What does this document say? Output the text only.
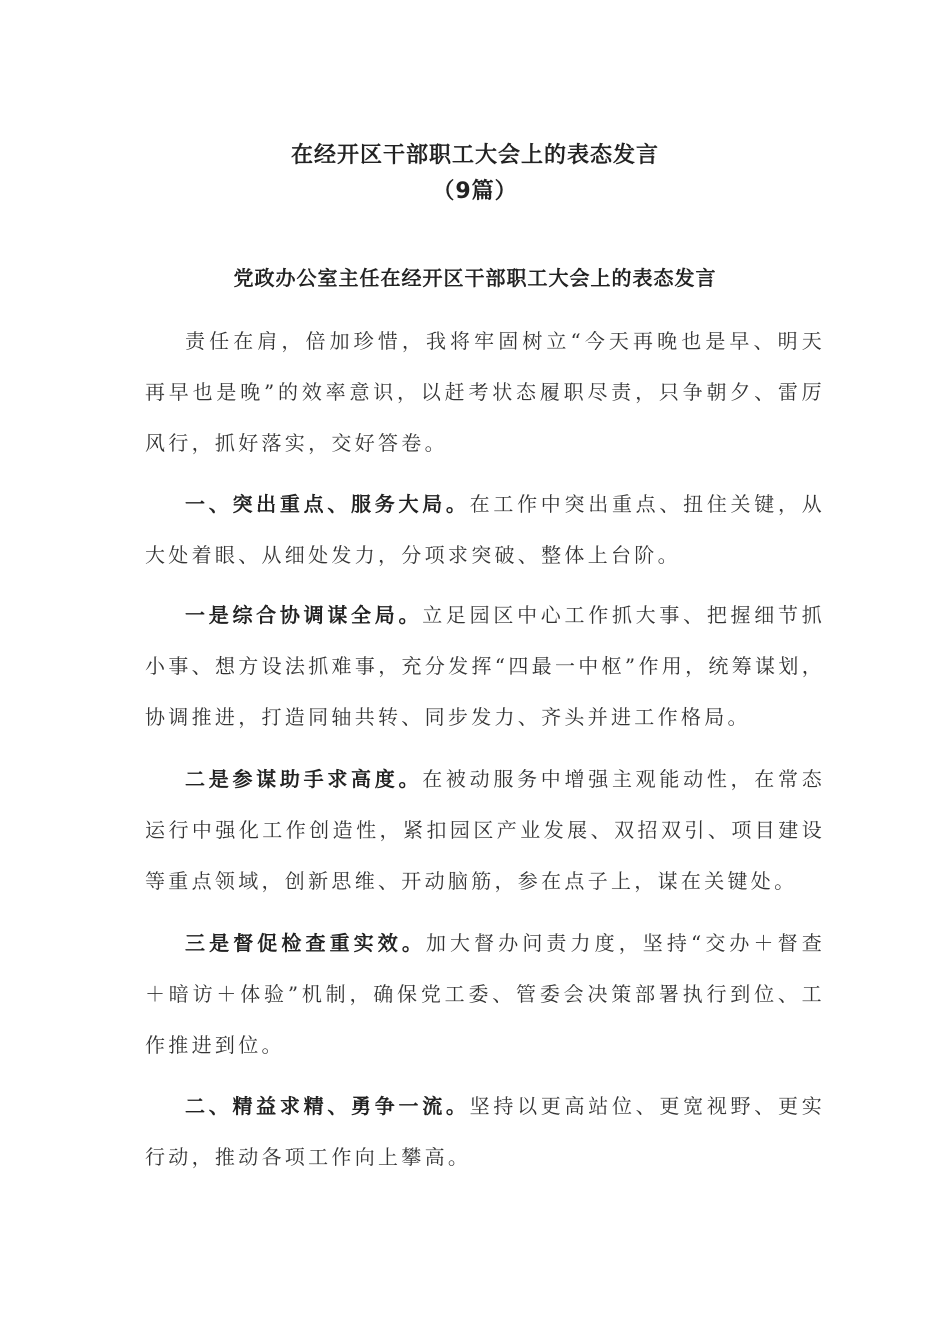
在经开区干部职工大会上的表态发言
（9篇）
党政办公室主任在经开区干部职工大会上的表态发言

责任在肩，倍加珍惜，我将牢固树立“今天再晚也是早、明天再早也是晚”的效率意识，以赶考状态履职尽责，只争朝夕、雷厉风行，抓好落实，交好答卷。

一、突出重点、服务大局。在工作中突出重点、扭住关键，从大处着眼、从细处发力，分项求突破、整体上台阶。

一是综合协调谋全局。立足园区中心工作抓大事、把握细节抓小事、想方设法抓难事，充分发挥“四最一中枢”作用，统筹谋划，协调推进，打造同轴共转、同步发力、齐头并进工作格局。

二是参谋助手求高度。在被动服务中增强主观能动性，在常态运行中强化工作创造性，紧扣园区产业发展、双招双引、项目建设等重点领域，创新思维、开动脑筋，参在点子上，谋在关键处。

三是督促检查重实效。加大督办问责力度，坚持“交办＋督查＋暗访＋体验”机制，确保党工委、管委会决策部署执行到位、工作推进到位。

二、精益求精、勇争一流。坚持以更高站位、更宽视野、更实行动，推动各项工作向上攀高。
